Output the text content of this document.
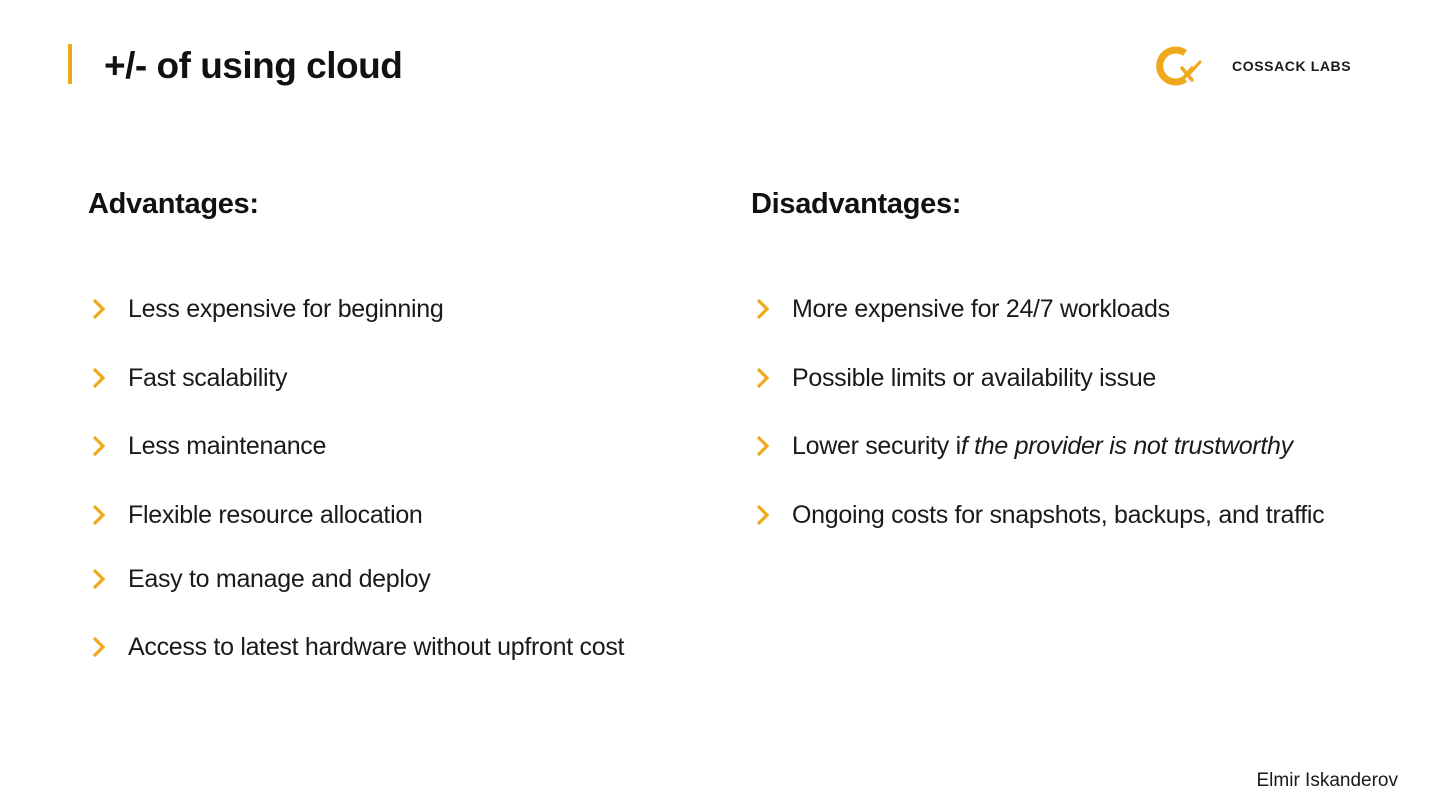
+/- of using cloud	COSSACK LABS
Advantages:	Disadvantages:
Less expensive for beginning
Fast scalability
Less maintenance
Flexible resource allocation
Easy to manage and deploy
Access to latest hardware without upfront cost
More expensive for 24/7 workloads
Possible limits or availability issue
Lower security if the provider is not trustworthy
Ongoing costs for snapshots, backups, and traffic
Elmir Iskanderov
